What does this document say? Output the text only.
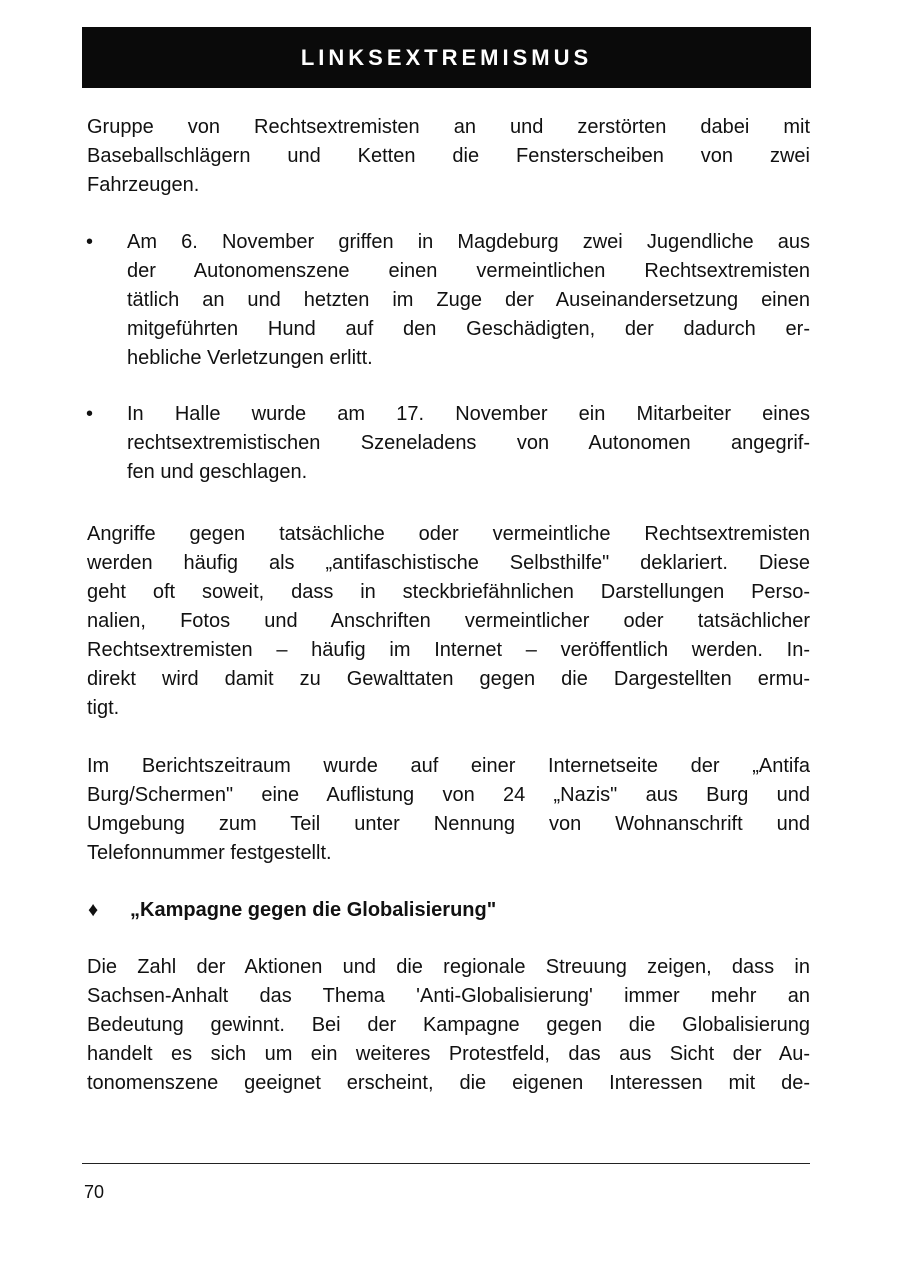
LINKSEXTREMISMUS
Gruppe von Rechtsextremisten an und zerstörten dabei mit
Baseballschlägern und Ketten die Fensterscheiben von zwei
Fahrzeugen.
• Am 6. November griffen in Magdeburg zwei Jugendliche aus
der Autonomenszene einen vermeintlichen Rechtsextremisten
tätlich an und hetzten im Zuge der Auseinandersetzung einen
mitgeführten Hund auf den Geschädigten, der dadurch er-
hebliche Verletzungen erlitt.
• In Halle wurde am 17. November ein Mitarbeiter eines
rechtsextremistischen Szeneladens von Autonomen angegrif-
fen und geschlagen.
Angriffe gegen tatsächliche oder vermeintliche Rechtsextremisten
werden häufig als „antifaschistische Selbsthilfe" deklariert. Diese
geht oft soweit, dass in steckbriefähnlichen Darstellungen Perso-
nalien, Fotos und Anschriften vermeintlicher oder tatsächlicher
Rechtsextremisten – häufig im Internet – veröffentlich werden. In-
direkt wird damit zu Gewalttaten gegen die Dargestellten ermu-
tigt.
Im Berichtszeitraum wurde auf einer Internetseite der „Antifa
Burg/Schermen" eine Auflistung von 24 „Nazis" aus Burg und
Umgebung zum Teil unter Nennung von Wohnanschrift und
Telefonnummer festgestellt.
♦ „Kampagne gegen die Globalisierung"
Die Zahl der Aktionen und die regionale Streuung zeigen, dass in
Sachsen-Anhalt das Thema 'Anti-Globalisierung' immer mehr an
Bedeutung gewinnt. Bei der Kampagne gegen die Globalisierung
handelt es sich um ein weiteres Protestfeld, das aus Sicht der Au-
tonomenszene geeignet erscheint, die eigenen Interessen mit de-
70
